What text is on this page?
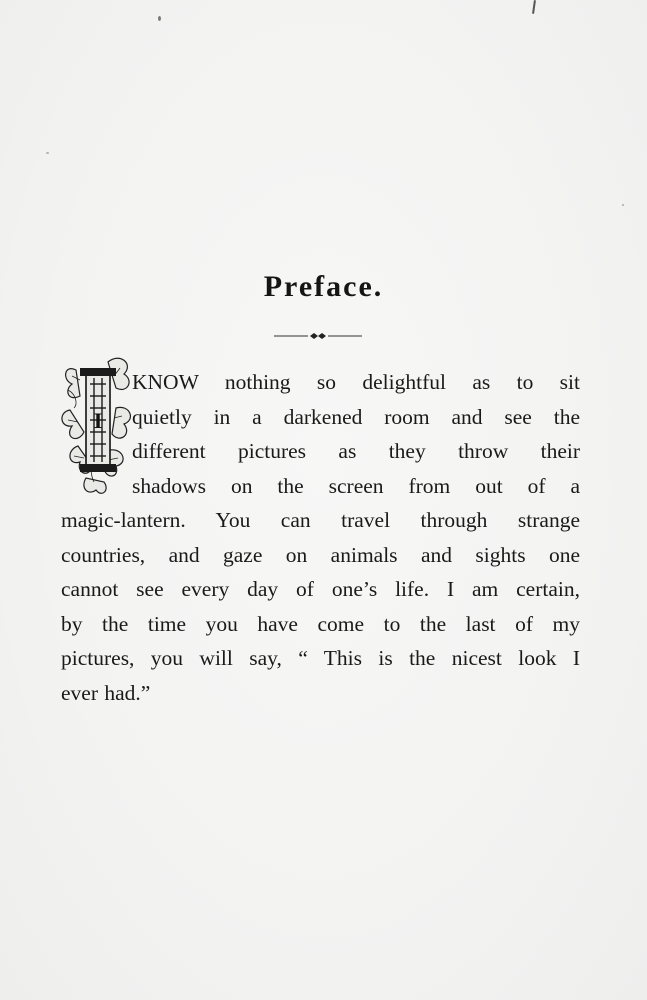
Preface.
I
KNOW nothing so delightful as to sit
quietly in a darkened room and see the
different pictures as they throw their
shadows on the screen from out of a
magic-lantern. You can travel through strange
countries, and gaze on animals and sights one
cannot see every day of one’s life. I am certain,
by the time you have come to the last of my
pictures, you will say, “ This is the nicest look I
ever had.”
